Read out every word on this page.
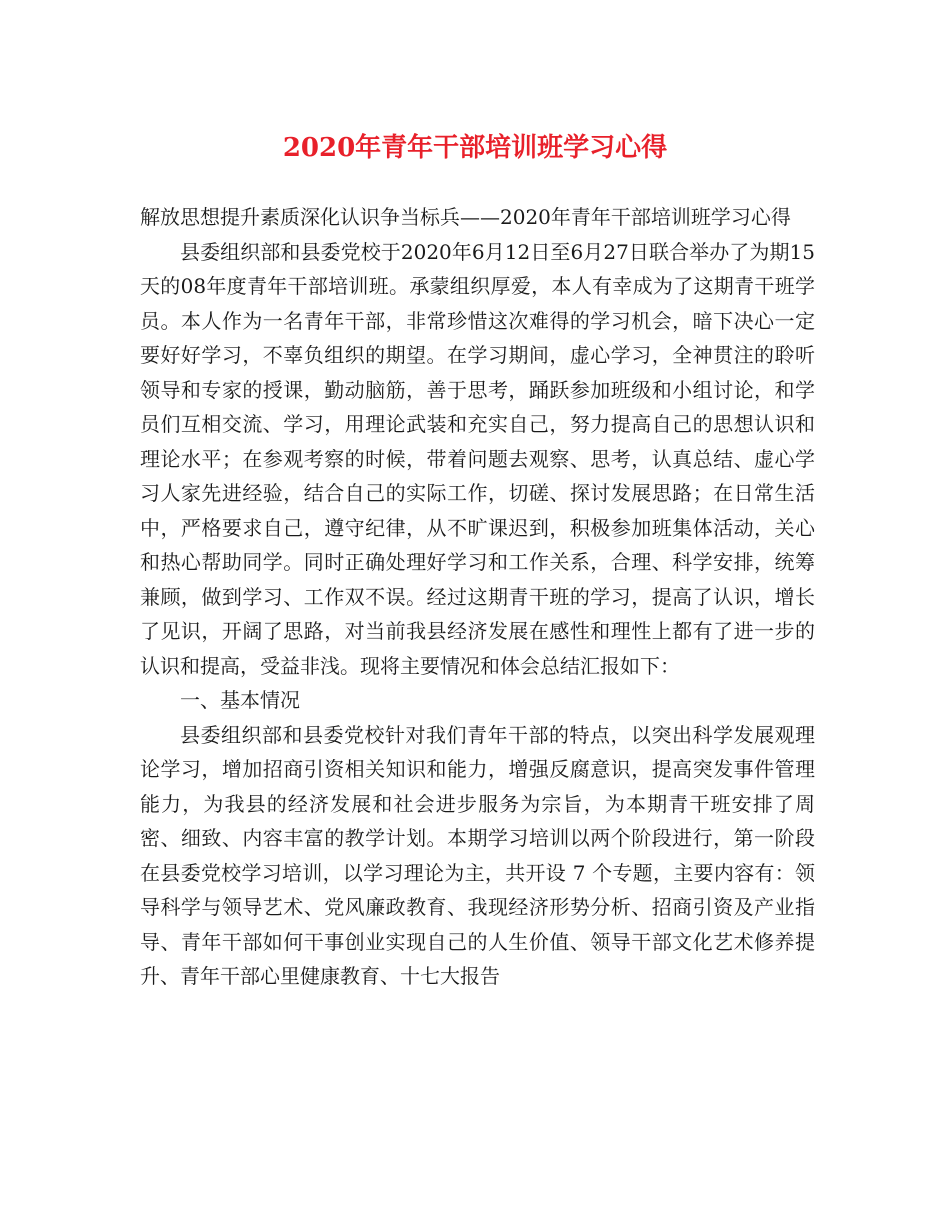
2020年青年干部培训班学习心得

解放思想提升素质深化认识争当标兵——2020年青年干部培训班学习心得

县委组织部和县委党校于2020年6月12日至6月27日联合举办了为期15天的08年度青年干部培训班。承蒙组织厚爱，本人有幸成为了这期青干班学员。本人作为一名青年干部，非常珍惜这次难得的学习机会，暗下决心一定要好好学习，不辜负组织的期望。在学习期间，虚心学习，全神贯注的聆听领导和专家的授课，勤动脑筋，善于思考，踊跃参加班级和小组讨论，和学员们互相交流、学习，用理论武装和充实自己，努力提高自己的思想认识和理论水平；在参观考察的时候，带着问题去观察、思考，认真总结、虚心学习人家先进经验，结合自己的实际工作，切磋、探讨发展思路；在日常生活中，严格要求自己，遵守纪律，从不旷课迟到，积极参加班集体活动，关心和热心帮助同学。同时正确处理好学习和工作关系，合理、科学安排，统筹兼顾，做到学习、工作双不误。经过这期青干班的学习，提高了认识，增长了见识，开阔了思路，对当前我县经济发展在感性和理性上都有了进一步的认识和提高，受益非浅。现将主要情况和体会总结汇报如下：

一、基本情况

县委组织部和县委党校针对我们青年干部的特点，以突出科学发展观理论学习，增加招商引资相关知识和能力，增强反腐意识，提高突发事件管理能力，为我县的经济发展和社会进步服务为宗旨，为本期青干班安排了周密、细致、内容丰富的教学计划。本期学习培训以两个阶段进行，第一阶段在县委党校学习培训，以学习理论为主，共开设 7 个专题，主要内容有：领导科学与领导艺术、党风廉政教育、我现经济形势分析、招商引资及产业指导、青年干部如何干事创业实现自己的人生价值、领导干部文化艺术修养提升、青年干部心里健康教育、十七大报告
